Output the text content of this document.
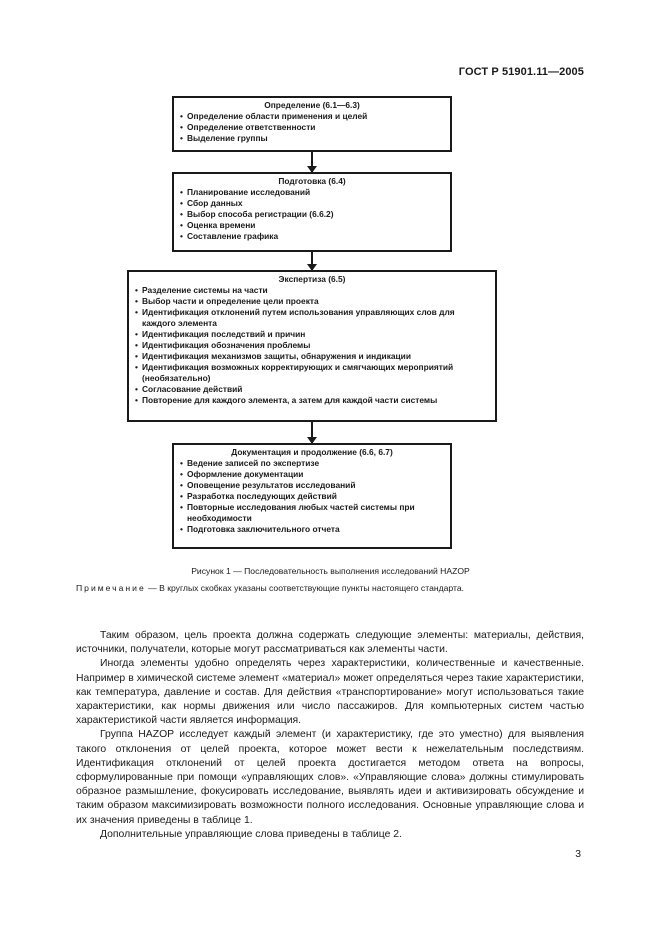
ГОСТ Р 51901.11—2005
Определение (6.1—6.3)
• Определение области применения и целей
• Определение ответственности
• Выделение группы
Подготовка (6.4)
• Планирование исследований
• Сбор данных
• Выбор способа регистрации (6.6.2)
• Оценка времени
• Составление графика
Экспертиза (6.5)
• Разделение системы на части
• Выбор части и определение цели проекта
• Идентификация отклонений путем использования управляющих слов для каждого элемента
• Идентификация последствий и причин
• Идентификация обозначения проблемы
• Идентификация механизмов защиты, обнаружения и индикации
• Идентификация возможных корректирующих и смягчающих мероприятий (необязательно)
• Согласование действий
• Повторение для каждого элемента, а затем для каждой части системы
Документация и продолжение (6.6, 6.7)
• Ведение записей по экспертизе
• Оформление документации
• Оповещение результатов исследований
• Разработка последующих действий
• Повторные исследования любых частей системы при необходимости
• Подготовка заключительного отчета
Рисунок 1 — Последовательность выполнения исследований HAZOP
Примечание — В круглых скобках указаны соответствующие пункты настоящего стандарта.

Таким образом, цель проекта должна содержать следующие элементы: материалы, действия, источники, получатели, которые могут рассматриваться как элементы части.

Иногда элементы удобно определять через характеристики, количественные и качественные. Например в химической системе элемент «материал» может определяться через такие характеристики, как температура, давление и состав. Для действия «транспортирование» могут использоваться такие характеристики, как нормы движения или число пассажиров. Для компьютерных систем частью характеристикой части является информация.

Группа HAZOP исследует каждый элемент (и характеристику, где это уместно) для выявления такого отклонения от целей проекта, которое может вести к нежелательным последствиям. Идентификация отклонений от целей проекта достигается методом ответа на вопросы, сформулированные при помощи «управляющих слов». «Управляющие слова» должны стимулировать образное размышление, фокусировать исследование, выявлять идеи и активизировать обсуждение и таким образом максимизировать возможности полного исследования. Основные управляющие слова и их значения приведены в таблице 1.

Дополнительные управляющие слова приведены в таблице 2.

3
